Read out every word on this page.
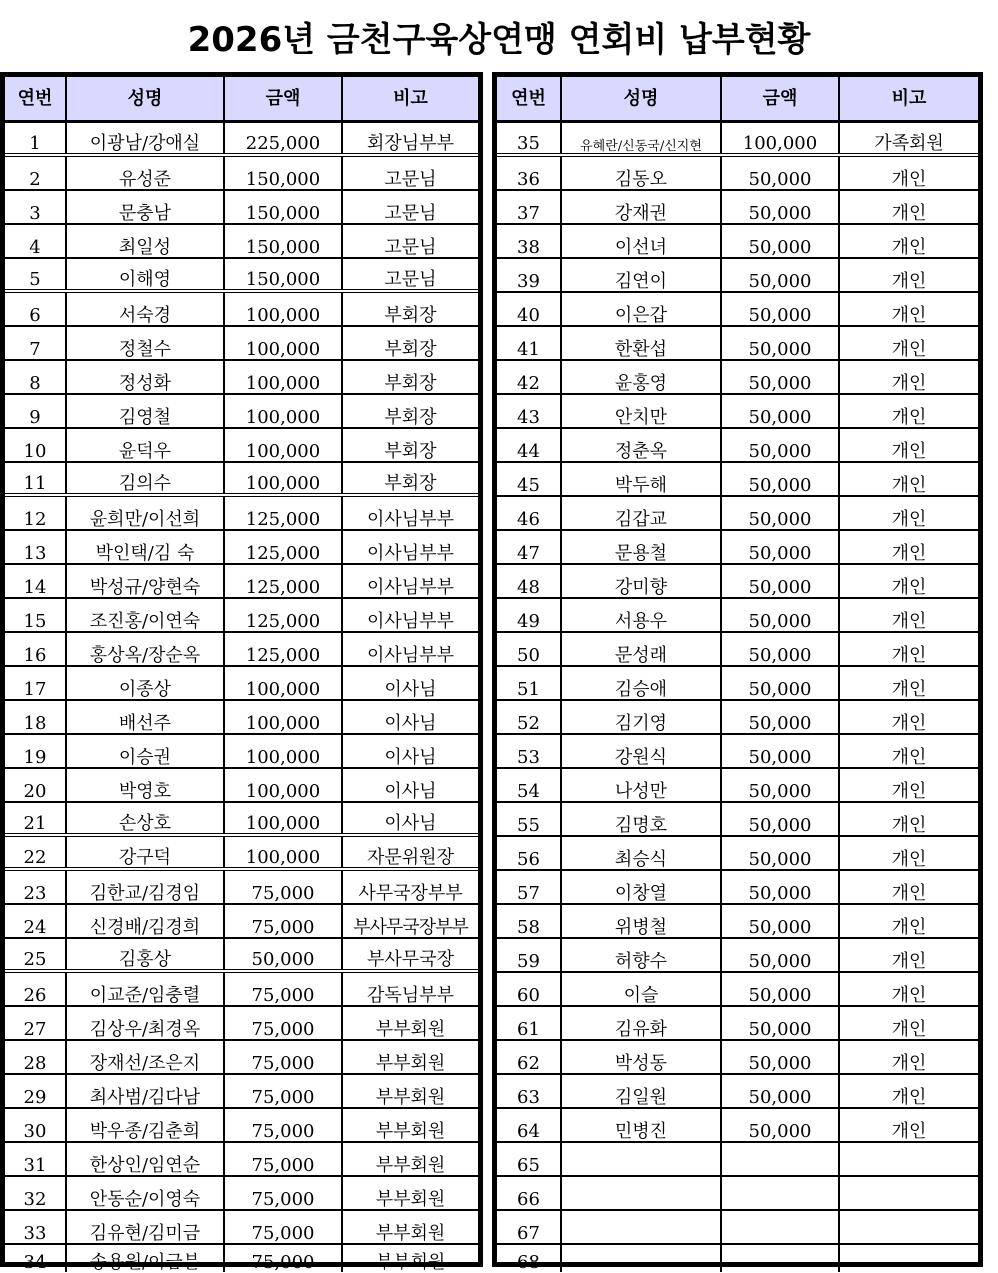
2026년 금천구육상연맹 연회비 납부현황
연번	성명	금액	비고
1	이광남/강애실	225,000	회장님부부
2	유성준	150,000	고문님
3	문충남	150,000	고문님
4	최일성	150,000	고문님
5	이해영	150,000	고문님
6	서숙경	100,000	부회장
7	정철수	100,000	부회장
8	정성화	100,000	부회장
9	김영철	100,000	부회장
10	윤덕우	100,000	부회장
11	김의수	100,000	부회장
12	윤희만/이선희	125,000	이사님부부
13	박인택/김 숙	125,000	이사님부부
14	박성규/양현숙	125,000	이사님부부
15	조진홍/이연숙	125,000	이사님부부
16	홍상옥/장순옥	125,000	이사님부부
17	이종상	100,000	이사님
18	배선주	100,000	이사님
19	이승권	100,000	이사님
20	박영호	100,000	이사님
21	손상호	100,000	이사님
22	강구덕	100,000	자문위원장
23	김한교/김경임	75,000	사무국장부부
24	신경배/김경희	75,000	부사무국장부부
25	김홍상	50,000	부사무국장
26	이교준/임충렬	75,000	감독님부부
27	김상우/최경옥	75,000	부부회원
28	장재선/조은지	75,000	부부회원
29	최사범/김다남	75,000	부부회원
30	박우종/김춘희	75,000	부부회원
31	한상인/임연순	75,000	부부회원
32	안동순/이영숙	75,000	부부회원
33	김유현/김미금	75,000	부부회원
34	송용원/이금분	75,000	부부회원
연번	성명	금액	비고
35	유혜란/신동국/신지현	100,000	가족회원
36	김동오	50,000	개인
37	강재권	50,000	개인
38	이선녀	50,000	개인
39	김연이	50,000	개인
40	이은갑	50,000	개인
41	한환섭	50,000	개인
42	윤홍영	50,000	개인
43	안치만	50,000	개인
44	정춘옥	50,000	개인
45	박두해	50,000	개인
46	김갑교	50,000	개인
47	문용철	50,000	개인
48	강미향	50,000	개인
49	서용우	50,000	개인
50	문성래	50,000	개인
51	김승애	50,000	개인
52	김기영	50,000	개인
53	강원식	50,000	개인
54	나성만	50,000	개인
55	김명호	50,000	개인
56	최승식	50,000	개인
57	이창열	50,000	개인
58	위병철	50,000	개인
59	허향수	50,000	개인
60	이슬	50,000	개인
61	김유화	50,000	개인
62	박성동	50,000	개인
63	김일원	50,000	개인
64	민병진	50,000	개인
65
66
67
68
